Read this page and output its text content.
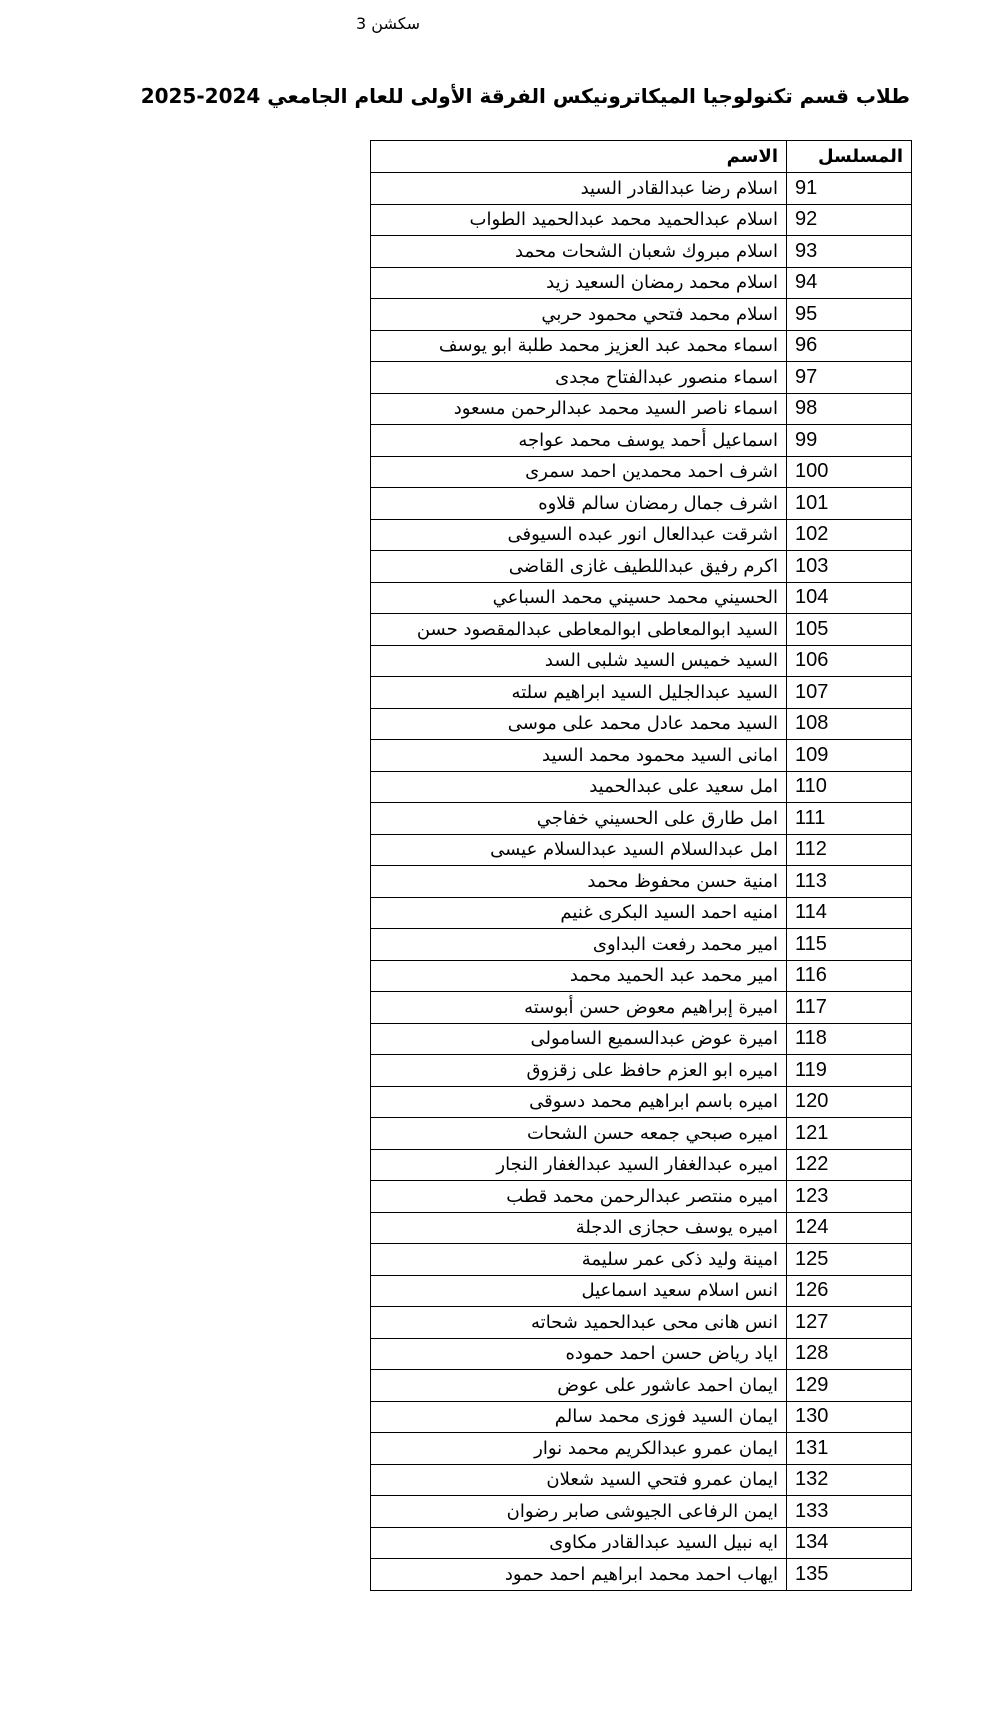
سكشن 3
طلاب قسم تكنولوجيا الميكاترونيكس الفرقة الأولى للعام الجامعي 2024-2025
المسلسل	الاسم
91	اسلام رضا عبدالقادر السيد
92	اسلام عبدالحميد محمد عبدالحميد الطواب
93	اسلام مبروك شعبان الشحات محمد
94	اسلام محمد رمضان السعيد زيد
95	اسلام محمد فتحي محمود حربي
96	اسماء محمد عبد العزيز محمد طلبة ابو يوسف
97	اسماء منصور عبدالفتاح مجدى
98	اسماء ناصر السيد محمد عبدالرحمن مسعود
99	اسماعيل أحمد يوسف محمد عواجه
100	اشرف احمد محمدين احمد سمرى
101	اشرف جمال رمضان سالم قلاوه
102	اشرقت عبدالعال انور عبده السيوفى
103	اكرم رفيق عبداللطيف غازى القاضى
104	الحسيني محمد حسيني محمد السباعي
105	السيد ابوالمعاطى ابوالمعاطى عبدالمقصود حسن
106	السيد خميس السيد شلبى السد
107	السيد عبدالجليل السيد ابراهيم سلته
108	السيد محمد عادل محمد على موسى
109	امانى السيد محمود محمد السيد
110	امل سعيد على عبدالحميد
111	امل طارق على الحسيني خفاجي
112	امل عبدالسلام السيد عبدالسلام عيسى
113	امنية حسن محفوظ محمد
114	امنيه احمد السيد البكرى غنيم
115	امير محمد رفعت البداوى
116	امير محمد عبد الحميد محمد
117	اميرة إبراهيم معوض حسن أبوسته
118	اميرة عوض عبدالسميع السامولى
119	اميره ابو العزم حافظ على زقزوق
120	اميره باسم ابراهيم محمد دسوقى
121	اميره صبحي جمعه حسن الشحات
122	اميره عبدالغفار السيد عبدالغفار النجار
123	اميره منتصر عبدالرحمن محمد قطب
124	اميره يوسف حجازى الدجلة
125	امينة وليد ذكى عمر سليمة
126	انس اسلام سعيد اسماعيل
127	انس هانى محى عبدالحميد شحاته
128	اياد رياض حسن احمد حموده
129	ايمان احمد عاشور على عوض
130	ايمان السيد فوزى محمد سالم
131	ايمان عمرو عبدالكريم محمد نوار
132	ايمان عمرو فتحي السيد شعلان
133	ايمن الرفاعى الجيوشى صابر رضوان
134	ايه نبيل السيد عبدالقادر مكاوى
135	ايهاب احمد محمد ابراهيم احمد حمود
